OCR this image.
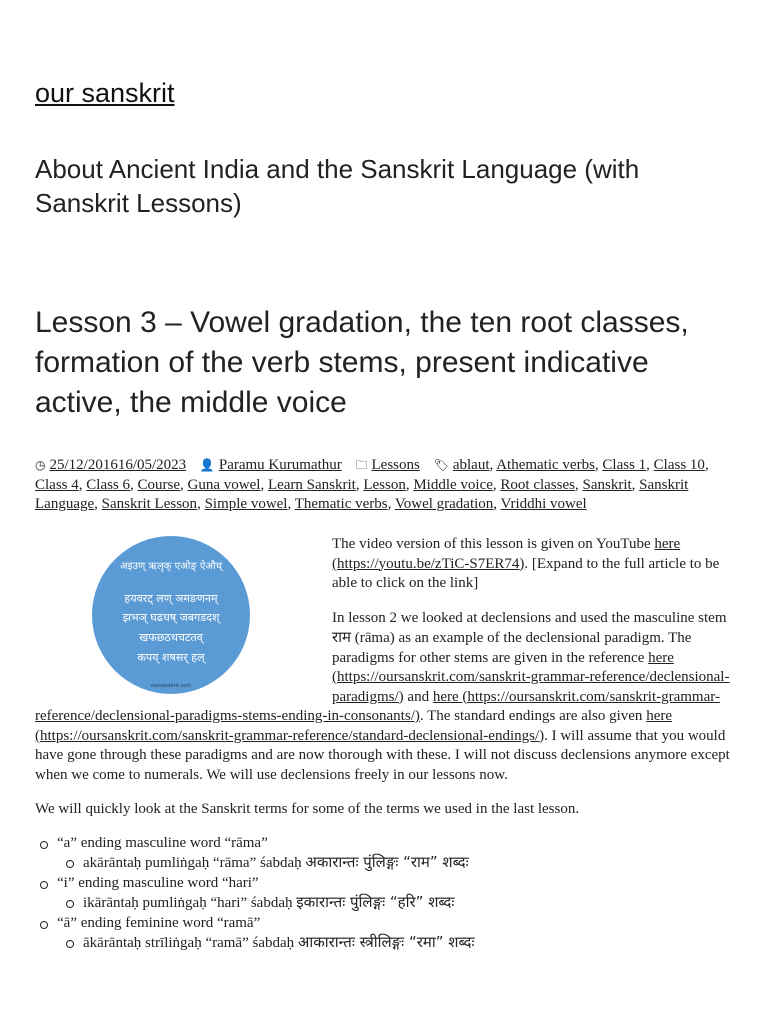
our sanskrit
About Ancient India and the Sanskrit Language (with Sanskrit Lessons)
Lesson 3 – Vowel gradation, the ten root classes, formation of the verb stems, present indicative active, the middle voice
◷ 25/12/201616/05/2023 👤 Paramu Kurumathur 🗀 Lessons 🏷 ablaut, Athematic verbs, Class 1, Class 10, Class 4, Class 6, Course, Guna vowel, Learn Sanskrit, Lesson, Middle voice, Root classes, Sanskrit, Sanskrit Language, Sanskrit Lesson, Simple vowel, Thematic verbs, Vowel gradation, Vriddhi vowel
अइउण् ऋलृक् एओङ् ऐऔच्
हयवरट् लण् ञमङणनम्
झभञ् घढधष् जबगडदश्
खफछठथचटतव्
कपय् शषसर् हल्
oursanskrit.com

The video version of this lesson is given on YouTube here (https://youtu.be/zTiC-S7ER74). [Expand to the full article to be able to click on the link]

In lesson 2 we looked at declensions and used the masculine stem राम (rāma) as an example of the declensional paradigm. The paradigms for other stems are given in the reference here (https://oursanskrit.com/sanskrit-grammar-reference/declensional-paradigms/) and here (https://oursanskrit.com/sanskrit-grammar-reference/declensional-paradigms-stems-ending-in-consonants/). The standard endings are also given here (https://oursanskrit.com/sanskrit-grammar-reference/standard-declensional-endings/). I will assume that you would have gone through these paradigms and are now thorough with these. I will not discuss declensions anymore except when we come to numerals. We will use declensions freely in our lessons now.

We will quickly look at the Sanskrit terms for some of the terms we used in the last lesson.

“a” ending masculine word “rāma”
akārāntaḥ pumliṅgaḥ “rāma” śabdaḥ अकारान्तः पुंलिङ्गः “राम” शब्दः
“i” ending masculine word “hari”
ikārāntaḥ pumliṅgaḥ “hari” śabdaḥ इकारान्तः पुंलिङ्गः “हरि” शब्दः
“ā” ending feminine word “ramā”
ākārāntaḥ strīliṅgaḥ “ramā” śabdaḥ आकारान्तः स्त्रीलिङ्गः “रमा” शब्दः
